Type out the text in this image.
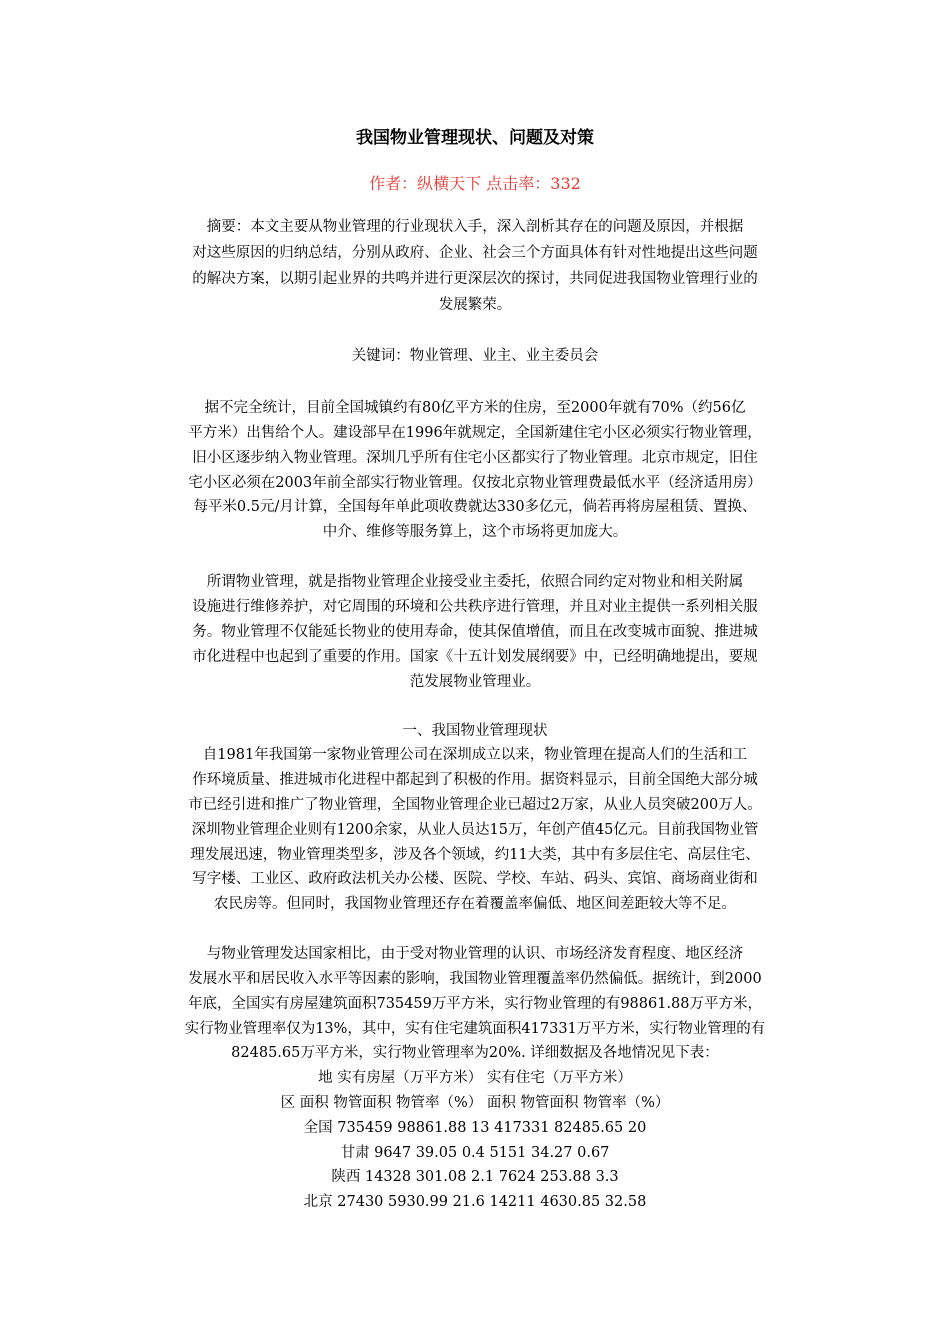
我国物业管理现状、问题及对策
作者：纵横天下 点击率：332
摘要：本文主要从物业管理的行业现状入手，深入剖析其存在的问题及原因，并根据
对这些原因的归纳总结，分别从政府、企业、社会三个方面具体有针对性地提出这些问题
的解决方案，以期引起业界的共鸣并进行更深层次的探讨，共同促进我国物业管理行业的
发展繁荣。
关键词：物业管理、业主、业主委员会
据不完全统计，目前全国城镇约有80亿平方米的住房，至2000年就有70%（约56亿
平方米）出售给个人。建设部早在1996年就规定，全国新建住宅小区必须实行物业管理，
旧小区逐步纳入物业管理。深圳几乎所有住宅小区都实行了物业管理。北京市规定，旧住
宅小区必须在2003年前全部实行物业管理。仅按北京物业管理费最低水平（经济适用房）
每平米0.5元/月计算，全国每年单此项收费就达330多亿元，倘若再将房屋租赁、置换、
中介、维修等服务算上，这个市场将更加庞大。
所谓物业管理，就是指物业管理企业接受业主委托，依照合同约定对物业和相关附属
设施进行维修养护，对它周围的环境和公共秩序进行管理，并且对业主提供一系列相关服
务。物业管理不仅能延长物业的使用寿命，使其保值增值，而且在改变城市面貌、推进城
市化进程中也起到了重要的作用。国家《十五计划发展纲要》中，已经明确地提出，要规
范发展物业管理业。
一、我国物业管理现状
自1981年我国第一家物业管理公司在深圳成立以来，物业管理在提高人们的生活和工
作环境质量、推进城市化进程中都起到了积极的作用。据资料显示，目前全国绝大部分城
市已经引进和推广了物业管理，全国物业管理企业已超过2万家，从业人员突破200万人。
深圳物业管理企业则有1200余家，从业人员达15万，年创产值45亿元。目前我国物业管
理发展迅速，物业管理类型多，涉及各个领域，约11大类，其中有多层住宅、高层住宅、
写字楼、工业区、政府政法机关办公楼、医院、学校、车站、码头、宾馆、商场商业街和
农民房等。但同时，我国物业管理还存在着覆盖率偏低、地区间差距较大等不足。
与物业管理发达国家相比，由于受对物业管理的认识、市场经济发育程度、地区经济
发展水平和居民收入水平等因素的影响，我国物业管理覆盖率仍然偏低。据统计，到2000
年底，全国实有房屋建筑面积735459万平方米，实行物业管理的有98861.88万平方米，
实行物业管理率仅为13%，其中，实有住宅建筑面积417331万平方米，实行物业管理的有
82485.65万平方米，实行物业管理率为20%. 详细数据及各地情况见下表：
地 实有房屋（万平方米） 实有住宅（万平方米）
区 面积 物管面积 物管率（%） 面积 物管面积 物管率（%）
全国 735459 98861.88 13 417331 82485.65 20
甘肃 9647 39.05 0.4 5151 34.27 0.67
陕西 14328 301.08 2.1 7624 253.88 3.3
北京 27430 5930.99 21.6 14211 4630.85 32.58
